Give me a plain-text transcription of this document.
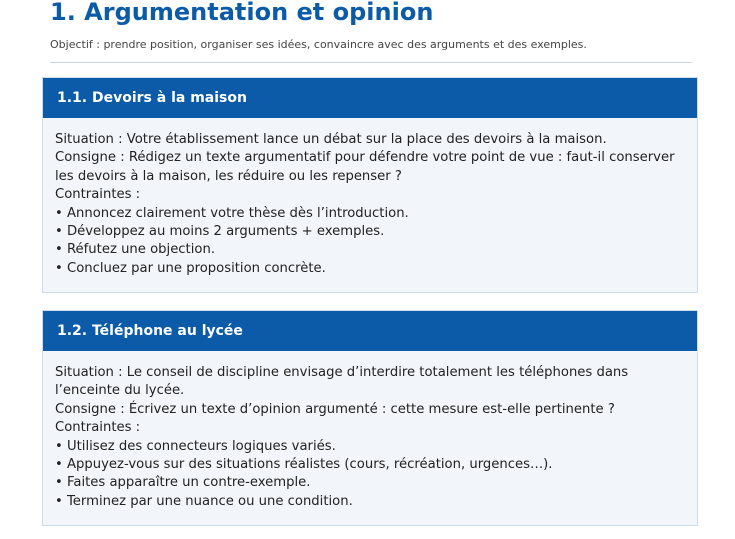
1. Argumentation et opinion
Objectif : prendre position, organiser ses idées, convaincre avec des arguments et des exemples.
1.1. Devoirs à la maison

Situation : Votre établissement lance un débat sur la place des devoirs à la maison.

Consigne : Rédigez un texte argumentatif pour défendre votre point de vue : faut-il conserver les devoirs à la maison, les réduire ou les repenser ?

Contraintes :

• Annoncez clairement votre thèse dès l’introduction.
• Développez au moins 2 arguments + exemples.
• Réfutez une objection.
• Concluez par une proposition concrète.
1.2. Téléphone au lycée

Situation : Le conseil de discipline envisage d’interdire totalement les téléphones dans l’enceinte du lycée.

Consigne : Écrivez un texte d’opinion argumenté : cette mesure est-elle pertinente ?

Contraintes :

• Utilisez des connecteurs logiques variés.
• Appuyez-vous sur des situations réalistes (cours, récréation, urgences…).
• Faites apparaître un contre-exemple.
• Terminez par une nuance ou une condition.
